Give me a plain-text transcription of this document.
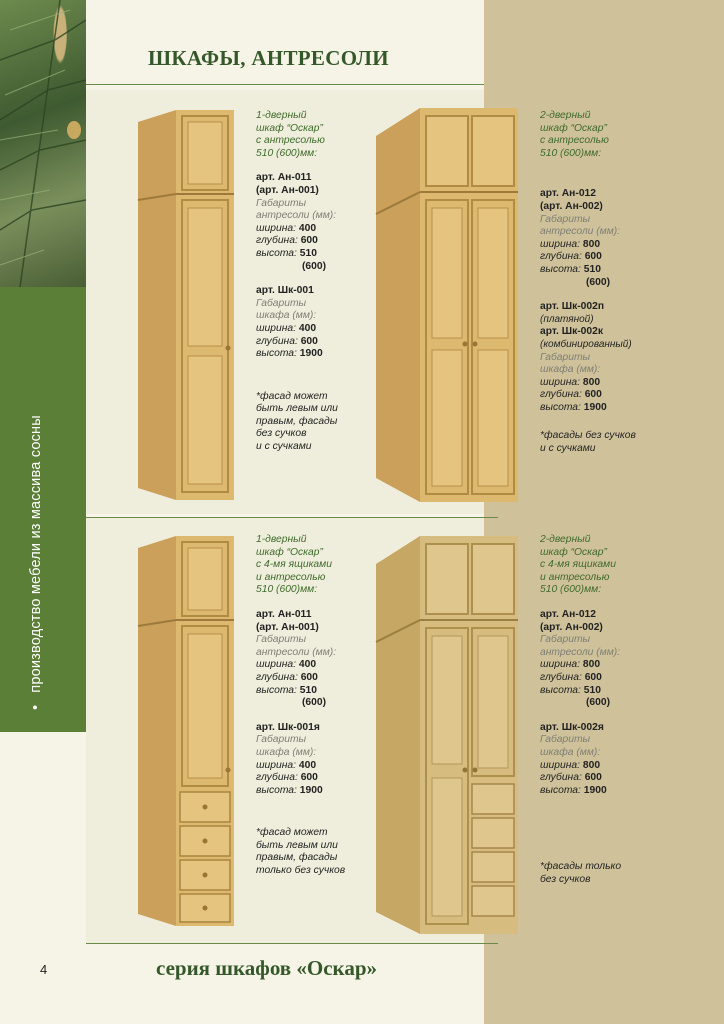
•производство мебели из массива сосны
ШКАФЫ, АНТРЕСОЛИ
4	серия шкафов «Оскар»
1-дверный
шкаф “Оскар”
с антресолью
510 (600)мм:
арт. Ан-011
(арт. Ан-001)
Габариты
антресоли (мм):
ширина: 400
глубина: 600
высота: 510
(600)
арт. Шк-001
Габариты
шкафа (мм):
ширина: 400
глубина: 600
высота: 1900
*фасад может
быть левым или
правым, фасады
без сучков
и с сучками
2-дверный
шкаф “Оскар”
с антресолью
510 (600)мм:
арт. Ан-012
(арт. Ан-002)
Габариты
антресоли (мм):
ширина: 800
глубина: 600
высота: 510
(600)
арт. Шк-002п
(платяной)
арт. Шк-002к
(комбинированный)
Габариты
шкафа (мм):
ширина: 800
глубина: 600
высота: 1900
*фасады без сучков
и с сучками
1-дверный
шкаф “Оскар”
с 4-мя ящиками
и антресолью
510 (600)мм:
арт. Ан-011
(арт. Ан-001)
Габариты
антресоли (мм):
ширина: 400
глубина: 600
высота: 510
(600)
арт. Шк-001я
Габариты
шкафа (мм):
ширина: 400
глубина: 600
высота: 1900
*фасад может
быть левым или
правым, фасады
только без сучков
2-дверный
шкаф “Оскар”
с 4-мя ящиками
и антресолью
510 (600)мм:
арт. Ан-012
(арт. Ан-002)
Габариты
антресоли (мм):
ширина: 800
глубина: 600
высота: 510
(600)
арт. Шк-002я
Габариты
шкафа (мм):
ширина: 800
глубина: 600
высота: 1900
*фасады только
без сучков
